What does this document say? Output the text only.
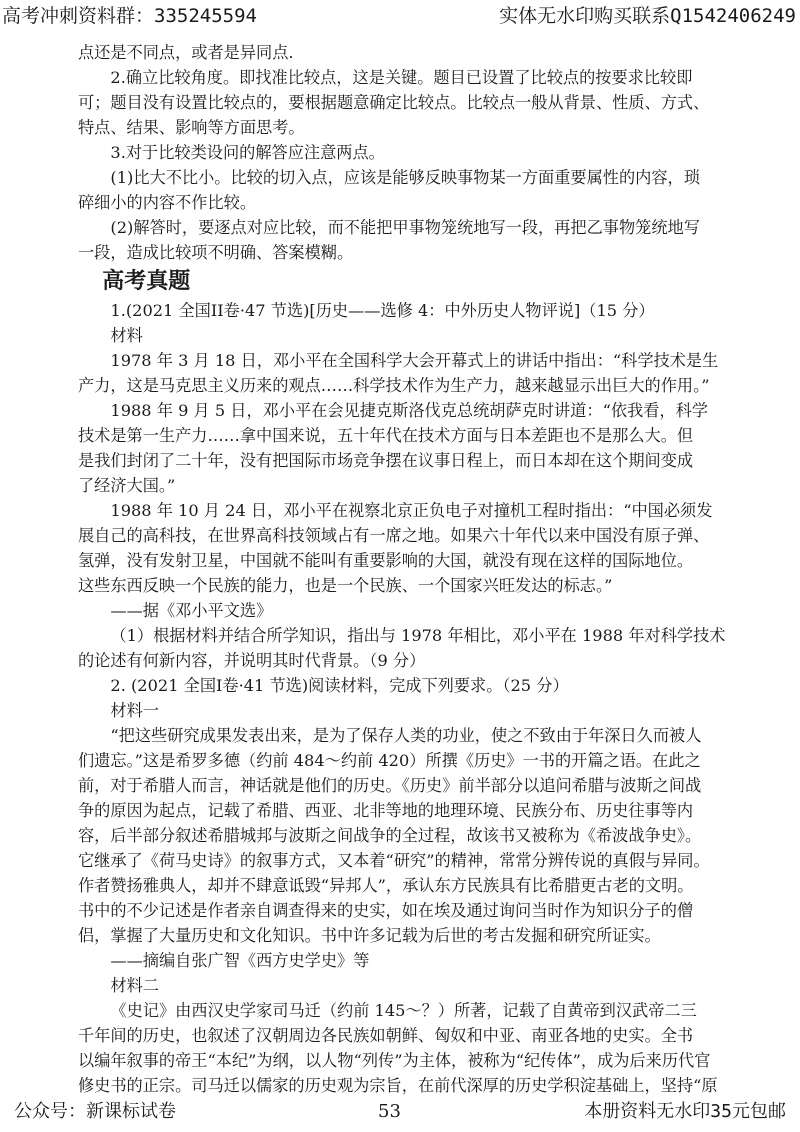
高考冲刺资料群：335245594	实体无水印购买联系Q1542406249

点还是不同点，或者是异同点.

2.确立比较角度。即找准比较点，这是关键。题目已设置了比较点的按要求比较即

可；题目没有设置比较点的，要根据题意确定比较点。比较点一般从背景、性质、方式、

特点、结果、影响等方面思考。

3.对于比较类设问的解答应注意两点。

(1)比大不比小。比较的切入点，应该是能够反映事物某一方面重要属性的内容，琐

碎细小的内容不作比较。

(2)解答时，要逐点对应比较，而不能把甲事物笼统地写一段，再把乙事物笼统地写

一段，造成比较项不明确、答案模糊。

高考真题

1.(2021 全国II卷·47 节选)[历史——选修 4：中外历史人物评说]（15 分）

材料

1978 年 3 月 18 日，邓小平在全国科学大会开幕式上的讲话中指出：“科学技术是生

产力，这是马克思主义历来的观点……科学技术作为生产力，越来越显示出巨大的作用。”

1988 年 9 月 5 日，邓小平在会见捷克斯洛伐克总统胡萨克时讲道：“依我看，科学

技术是第一生产力……拿中国来说，五十年代在技术方面与日本差距也不是那么大。但

是我们封闭了二十年，没有把国际市场竞争摆在议事日程上，而日本却在这个期间变成

了经济大国。”

1988 年 10 月 24 日，邓小平在视察北京正负电子对撞机工程时指出：“中国必须发

展自己的高科技，在世界高科技领域占有一席之地。如果六十年代以来中国没有原子弹、

氢弹，没有发射卫星，中国就不能叫有重要影响的大国，就没有现在这样的国际地位。

这些东西反映一个民族的能力，也是一个民族、一个国家兴旺发达的标志。”

——据《邓小平文选》

（1）根据材料并结合所学知识，指出与 1978 年相比，邓小平在 1988 年对科学技术

的论述有何新内容，并说明其时代背景。（9 分）

2. (2021 全国I卷·41 节选)阅读材料，完成下列要求。（25 分）

材料一

“把这些研究成果发表出来，是为了保存人类的功业，使之不致由于年深日久而被人

们遗忘。”这是希罗多德（约前 484～约前 420）所撰《历史》一书的开篇之语。在此之

前，对于希腊人而言，神话就是他们的历史。《历史》前半部分以追问希腊与波斯之间战

争的原因为起点，记载了希腊、西亚、北非等地的地理环境、民族分布、历史往事等内

容，后半部分叙述希腊城邦与波斯之间战争的全过程，故该书又被称为《希波战争史》。

它继承了《荷马史诗》的叙事方式，又本着“研究”的精神，常常分辨传说的真假与异同。

作者赞扬雅典人，却并不肆意诋毁“异邦人”，承认东方民族具有比希腊更古老的文明。

书中的不少记述是作者亲自调查得来的史实，如在埃及通过询问当时作为知识分子的僧

侣，掌握了大量历史和文化知识。书中许多记载为后世的考古发掘和研究所证实。

——摘编自张广智《西方史学史》等

材料二

《史记》由西汉史学家司马迁（约前 145～？）所著，记载了自黄帝到汉武帝二三

千年间的历史，也叙述了汉朝周边各民族如朝鲜、匈奴和中亚、南亚各地的史实。全书

以编年叙事的帝王“本纪”为纲，以人物“列传”为主体，被称为“纪传体”，成为后来历代官

修史书的正宗。司马迁以儒家的历史观为宗旨，在前代深厚的历史学积淀基础上，坚持“原

公众号：新课标试卷	53	本册资料无水印35元包邮
